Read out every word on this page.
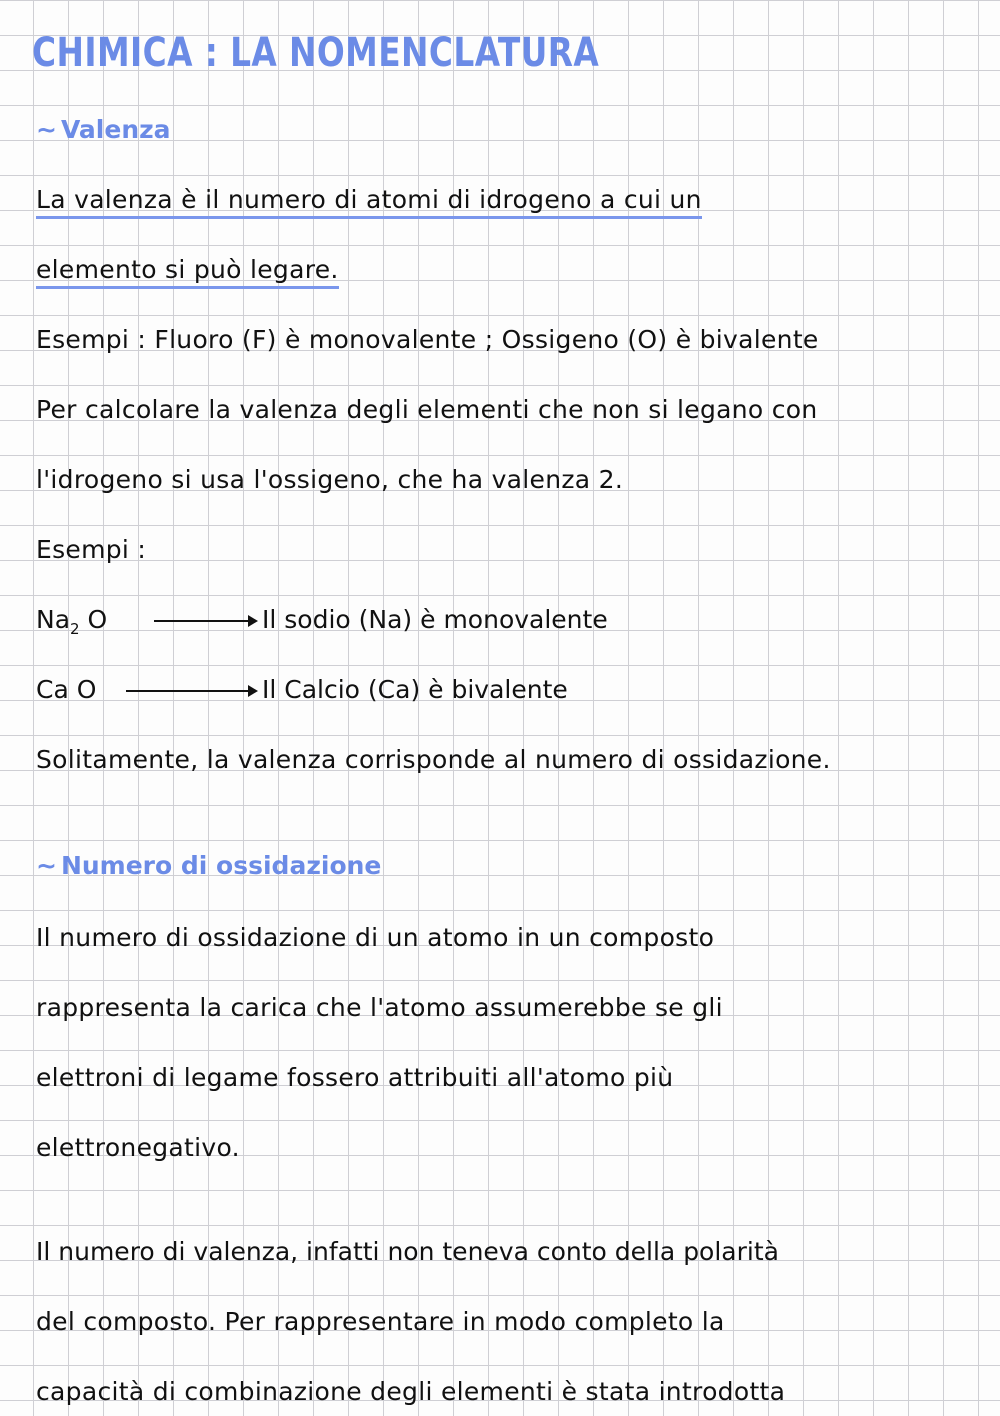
CHIMICA : LA NOMENCLATURA
~ Valenza

La valenza è il numero di atomi di idrogeno a cui un

elemento si può legare.

Esempi : Fluoro (F) è monovalente ; Ossigeno (O) è bivalente

Per calcolare la valenza degli elementi che non si legano con

l'idrogeno si usa l'ossigeno, che ha valenza 2.

Esempi :

$Na_2$ O	Il sodio (Na) è monovalente
Ca O	Il Calcio (Ca) è bivalente

Solitamente, la valenza corrisponde al numero di ossidazione.

~ Numero di ossidazione

Il numero di ossidazione di un atomo in un composto

rappresenta la carica che l'atomo assumerebbe se gli

elettroni di legame fossero attribuiti all'atomo più

elettronegativo.

Il numero di valenza, infatti non teneva conto della polarità

del composto. Per rappresentare in modo completo la

capacità di combinazione degli elementi è stata introdotta
